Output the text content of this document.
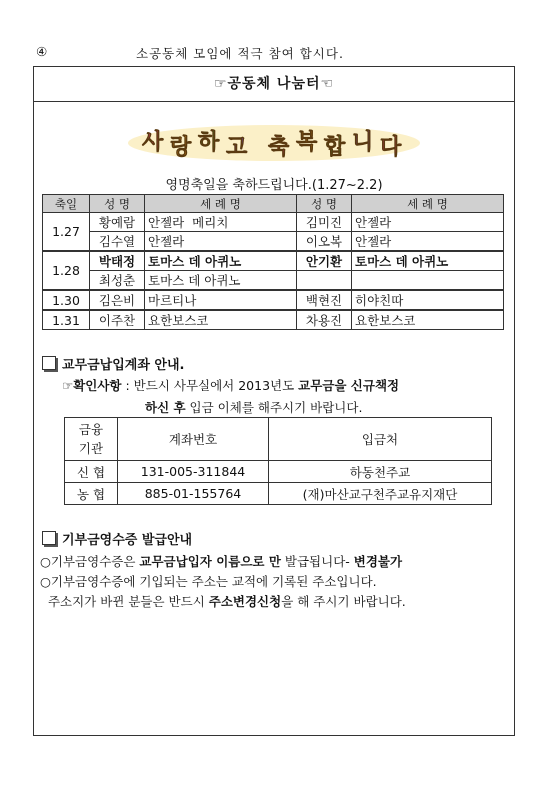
④	소공동체 모임에 적극 참여 합시다.
☞공동체 나눔터☜
사 랑 하 고 축 복 합 니 다
영명축일을 축하드립니다.(1.27~2.2)
축일	성 명	세 례 명	성 명	세 례 명
1.27	황예람	안젤라  메리치	김미진	안젤라
	김수열	안젤라	이오복	안젤라
1.28	박태정	토마스 데 아퀴노	안기환	토마스 데 아퀴노
	최성춘	토마스 데 아퀴노		
1.30	김은비	마르티나	백현진	히야친따
1.31	이주찬	요한보스코	차용진	요한보스코
교무금납입계좌 안내.
☞확인사항 : 반드시 사무실에서 2013년도 교무금을 신규책정
하신 후 입금 이체를 해주시기 바랍니다.
금융
기관	계좌번호	입금처
신 협	131-005-311844	하동천주교
농 협	885-01-155764	(재)마산교구천주교유지재단
기부금영수증 발급안내
○기부금영수증은 교무금납입자 이름으로 만 발급됩니다- 변경불가
○기부금영수증에 기입되는 주소는 교적에 기록된 주소입니다.
주소지가 바뀐 분들은 반드시 주소변경신청을 해 주시기 바랍니다.
